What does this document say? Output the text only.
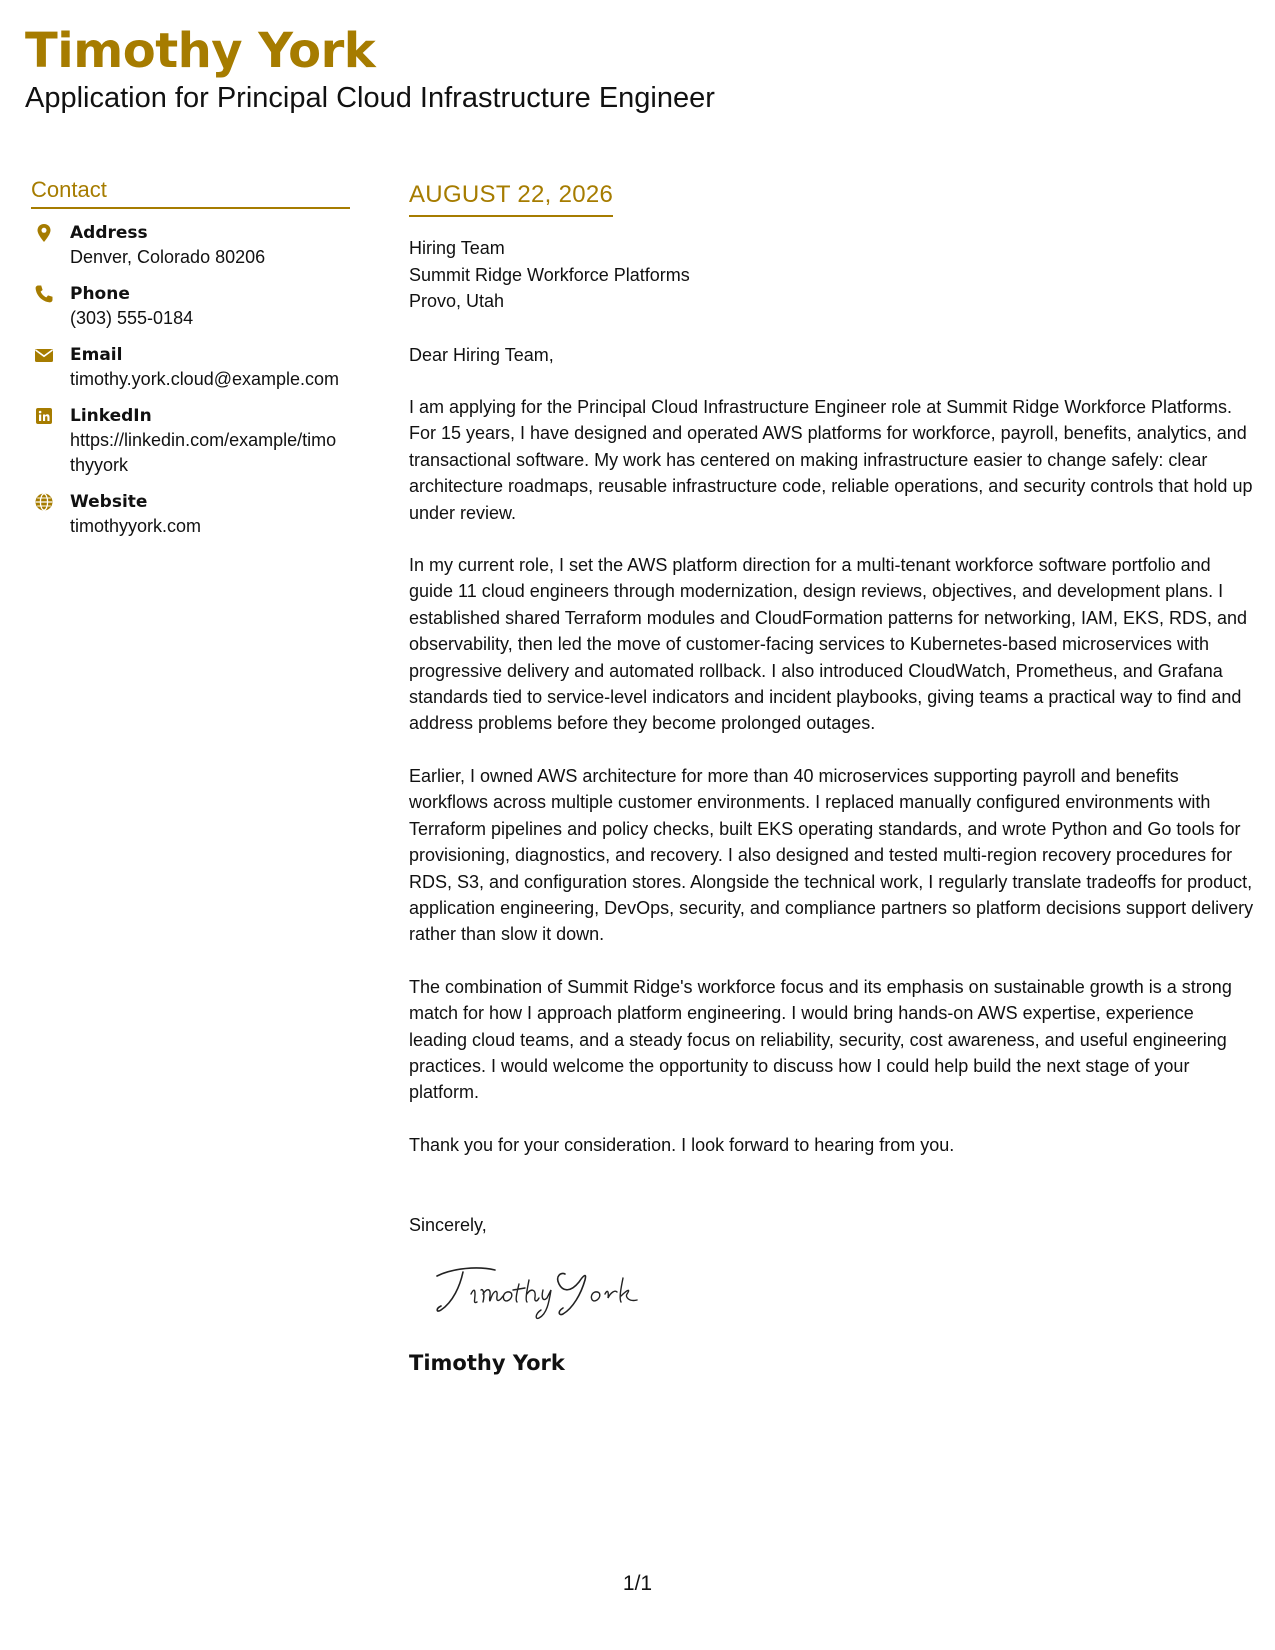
Timothy York
Application for Principal Cloud Infrastructure Engineer
Contact
Address
Denver, Colorado 80206
Phone
(303) 555-0184
Email
timothy.york.cloud@example.com
LinkedIn
https://linkedin.com/example/timothyyork
Website
timothyyork.com
AUGUST 22, 2026
Hiring Team
Summit Ridge Workforce Platforms
Provo, Utah
Dear Hiring Team,
I am applying for the Principal Cloud Infrastructure Engineer role at Summit Ridge Workforce Platforms. For 15 years, I have designed and operated AWS platforms for workforce, payroll, benefits, analytics, and transactional software. My work has centered on making infrastructure easier to change safely: clear architecture roadmaps, reusable infrastructure code, reliable operations, and security controls that hold up under review.
In my current role, I set the AWS platform direction for a multi-tenant workforce software portfolio and guide 11 cloud engineers through modernization, design reviews, objectives, and development plans. I established shared Terraform modules and CloudFormation patterns for networking, IAM, EKS, RDS, and observability, then led the move of customer-facing services to Kubernetes-based microservices with progressive delivery and automated rollback. I also introduced CloudWatch, Prometheus, and Grafana standards tied to service-level indicators and incident playbooks, giving teams a practical way to find and address problems before they become prolonged outages.
Earlier, I owned AWS architecture for more than 40 microservices supporting payroll and benefits workflows across multiple customer environments. I replaced manually configured environments with Terraform pipelines and policy checks, built EKS operating standards, and wrote Python and Go tools for provisioning, diagnostics, and recovery. I also designed and tested multi-region recovery procedures for RDS, S3, and configuration stores. Alongside the technical work, I regularly translate tradeoffs for product, application engineering, DevOps, security, and compliance partners so platform decisions support delivery rather than slow it down.
The combination of Summit Ridge's workforce focus and its emphasis on sustainable growth is a strong match for how I approach platform engineering. I would bring hands-on AWS expertise, experience leading cloud teams, and a steady focus on reliability, security, cost awareness, and useful engineering practices. I would welcome the opportunity to discuss how I could help build the next stage of your platform.
Thank you for your consideration. I look forward to hearing from you.
Sincerely,
Timothy York
1/1
